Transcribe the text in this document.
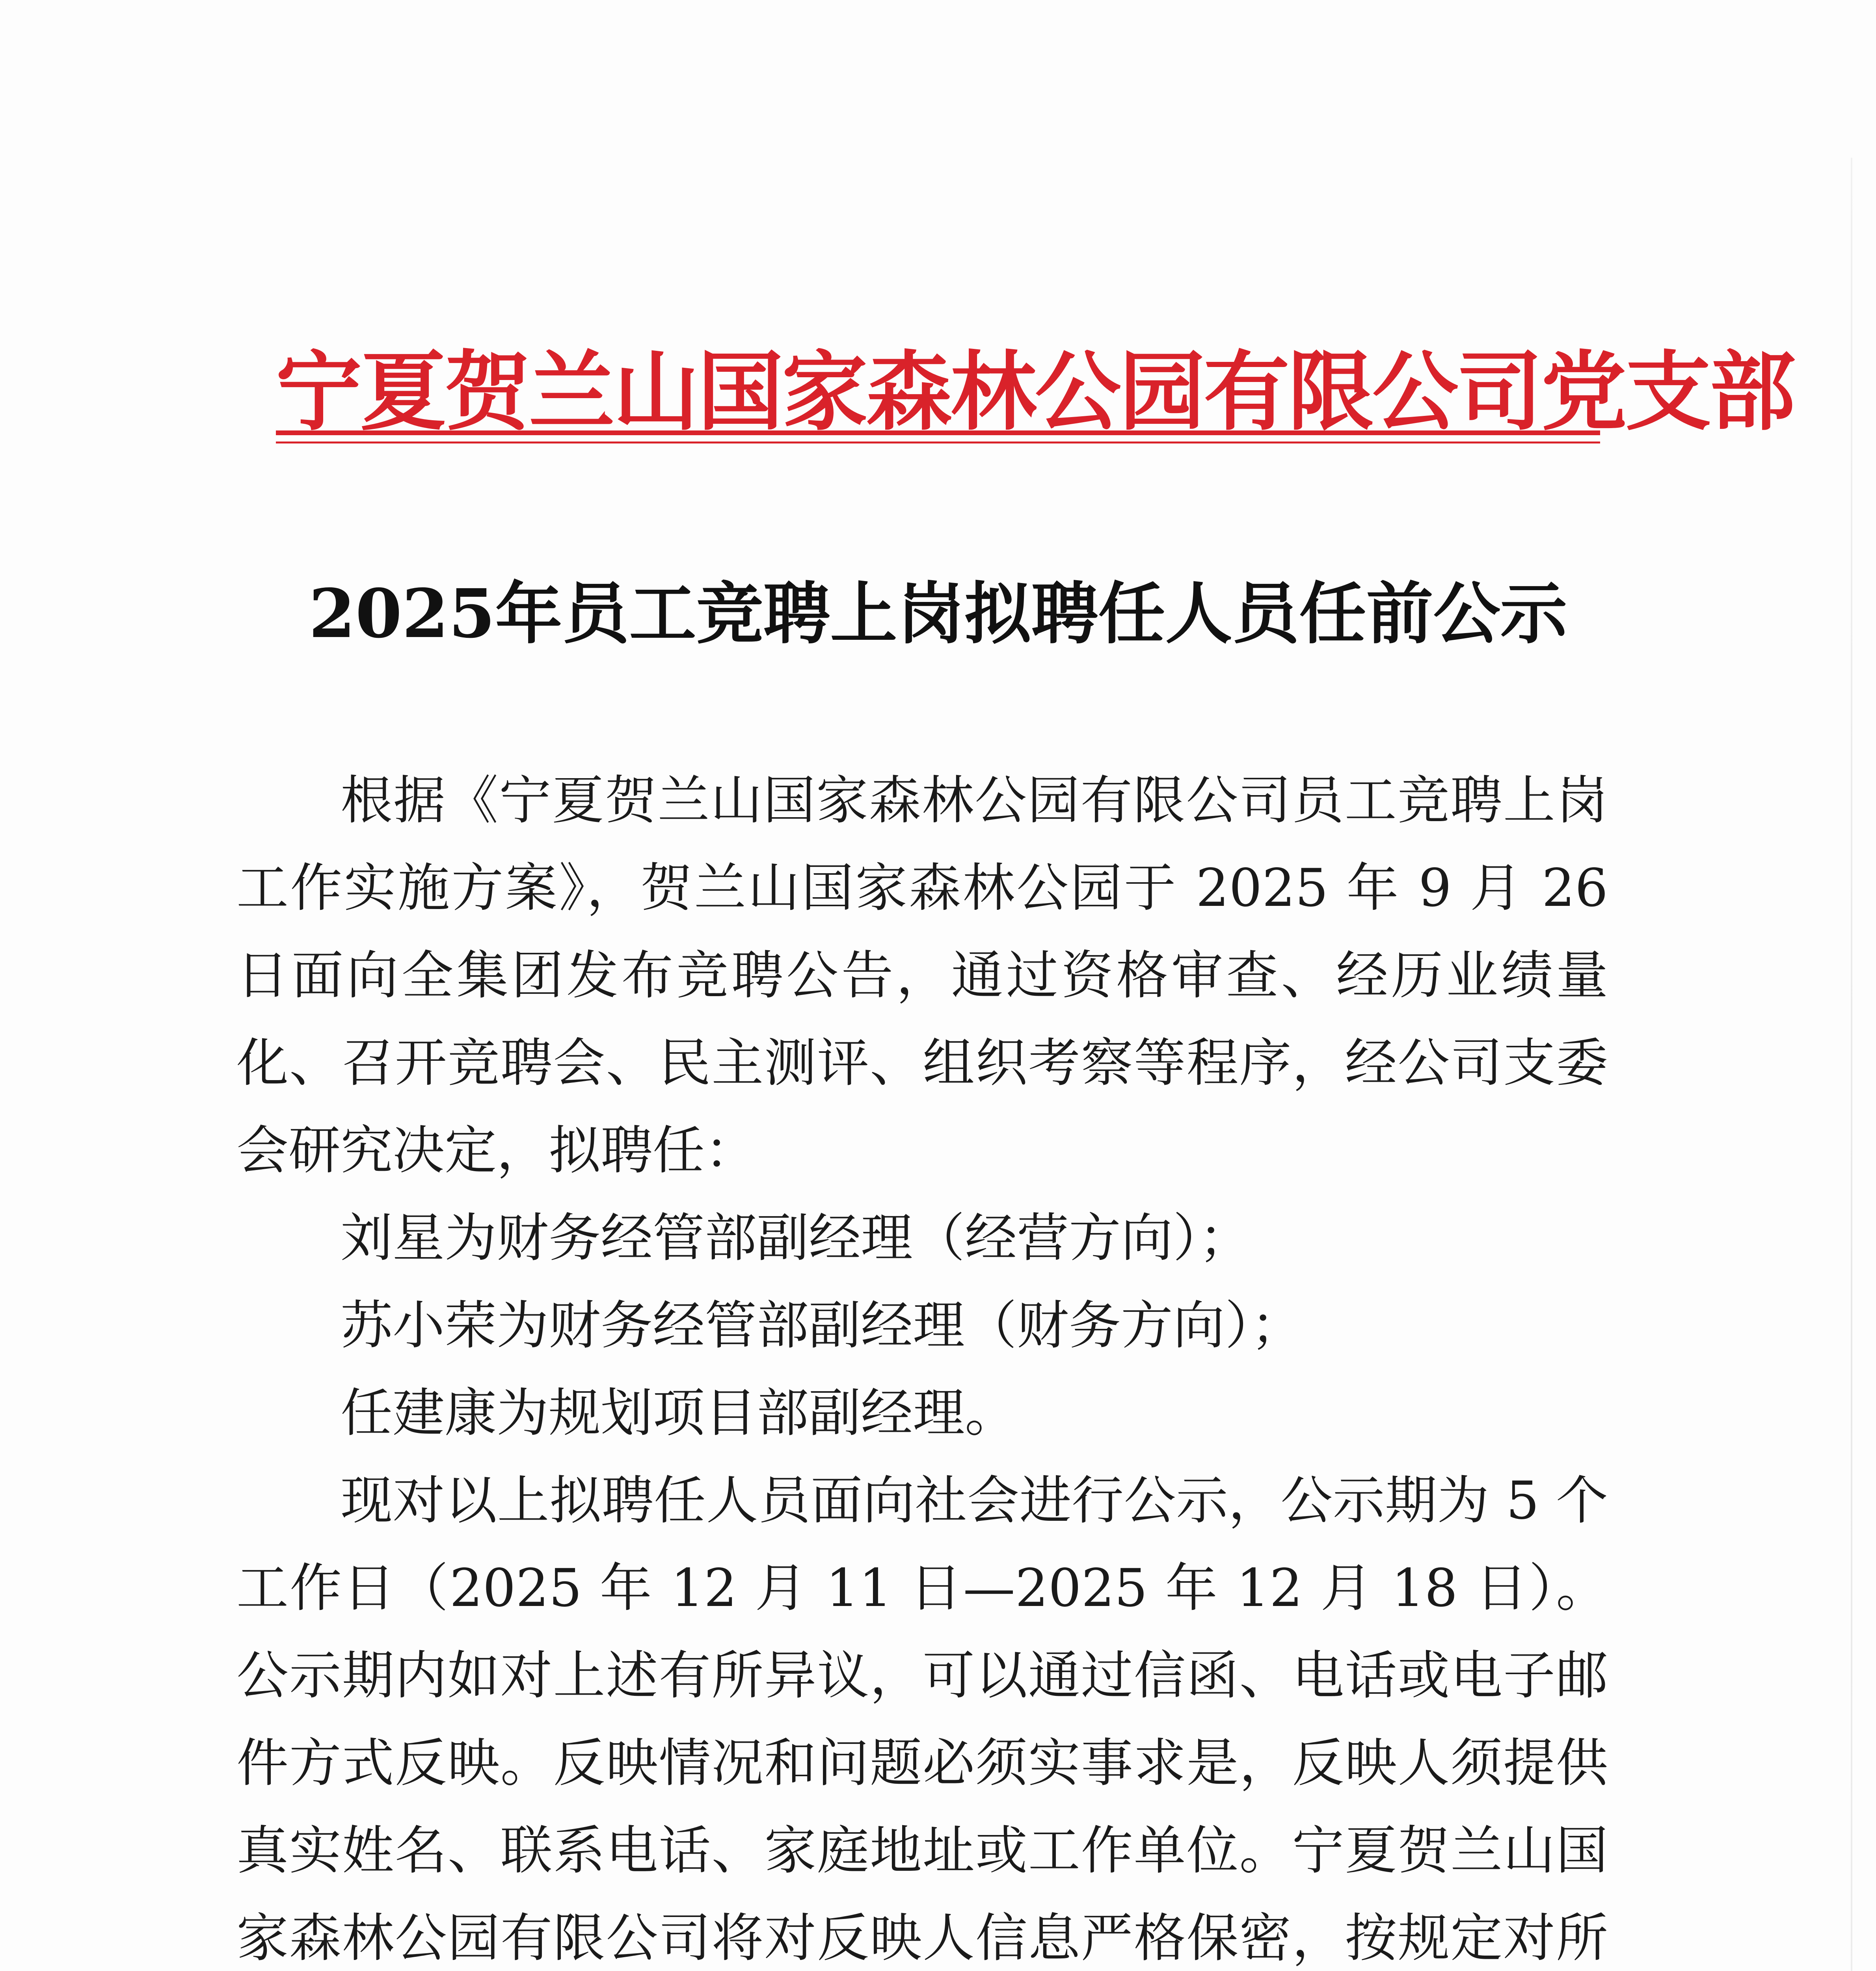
宁夏贺兰山国家森林公园有限公司党支部
2025年员工竞聘上岗拟聘任人员任前公示

根据《宁夏贺兰山国家森林公园有限公司员工竞聘上岗工作实施方案》，贺兰山国家森林公园于 2025 年 9 月 26 日面向全集团发布竞聘公告，通过资格审查、经历业绩量化、召开竞聘会、民主测评、组织考察等程序，经公司支委会研究决定，拟聘任：

刘星为财务经管部副经理（经营方向）；

苏小荣为财务经管部副经理（财务方向）；

任建康为规划项目部副经理。

现对以上拟聘任人员面向社会进行公示，公示期为 5 个工作日（2025 年 12 月 11 日—2025 年 12 月 18 日）。公示期内如对上述有所异议，可以通过信函、电话或电子邮件方式反映。反映情况和问题必须实事求是，反映人须提供真实姓名、联系电话、家庭地址或工作单位。宁夏贺兰山国家森林公园有限公司将对反映人信息严格保密，按规定对所
